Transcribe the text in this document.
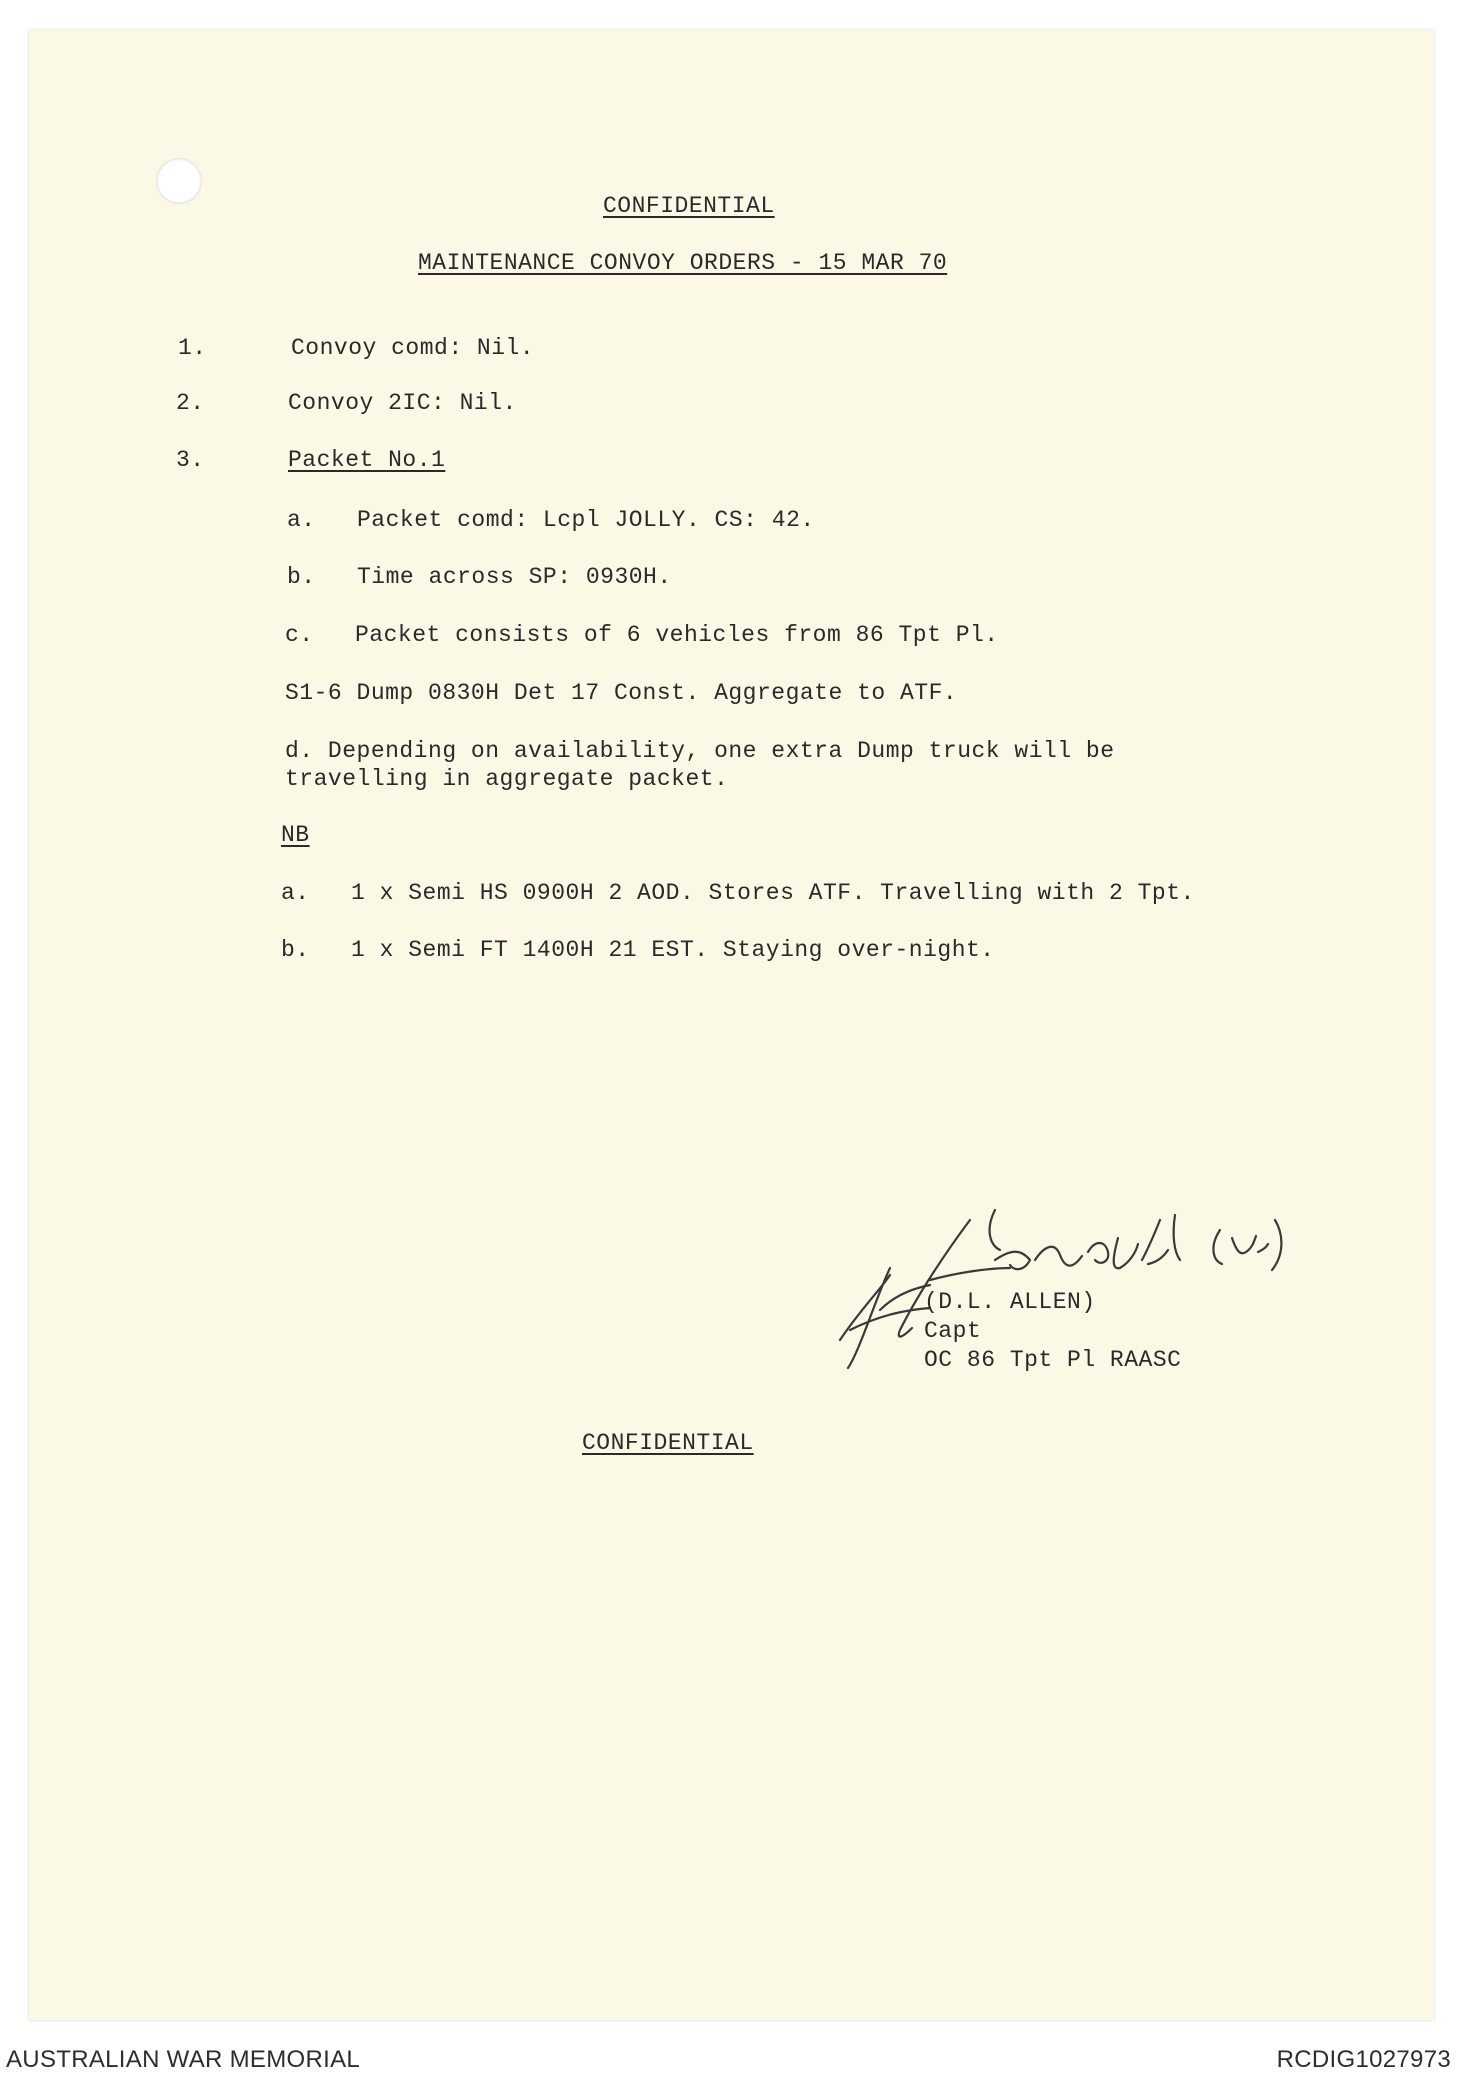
CONFIDENTIAL
MAINTENANCE CONVOY ORDERS - 15 MAR 70
1.	Convoy comd: Nil.
2.	Convoy 2IC: Nil.
3.	Packet No.1
a. Packet comd: Lcpl JOLLY. CS: 42.
b. Time across SP: 0930H.
c. Packet consists of 6 vehicles from 86 Tpt Pl.
S1-6 Dump 0830H Det 17 Const. Aggregate to ATF.
d. Depending on availability, one extra Dump truck will be
travelling in aggregate packet.
NB
a. 1 x Semi HS 0900H 2 AOD. Stores ATF. Travelling with 2 Tpt.
b. 1 x Semi FT 1400H 21 EST. Staying over-night.
(D.L. ALLEN)
Capt
OC 86 Tpt Pl RAASC
CONFIDENTIAL
AUSTRALIAN WAR MEMORIAL	RCDIG1027973
